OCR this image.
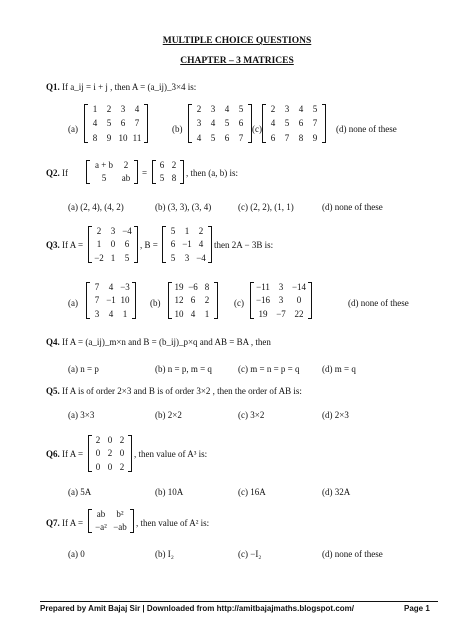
MULTIPLE CHOICE QUESTIONS
CHAPTER – 3 MATRICES
Q1. If a_ij = i + j , then A = (a_ij)_3×4 is:
(a)
1	2	3	4
4	5	6	7
8	9 10 11
(b)
2	3	4	5
3	4	5	6
4	5	6	7
(c)
2	3	4	5
4	5	6	7
6	7	8	9
(d) none of these
Q2. If
a + b	2
5	ab
=
6 2
5 8
, then (a, b) is:
(a) (2, 4), (4, 2)	(b) (3, 3), (3, 4)	(c) (2, 2), (1, 1)	(d) none of these
Q3. If A =
2	3 −4
1	0	6
−2 1	5
, B =
5	1	2
6 −1 4
5	3 −4
then 2A − 3B is:
(a)
7	4 −3
7 −1 10
3	4	1
(b)
19 −6 8
12 6	2
10 4	1
(c)
−11 3 −14
−16 3	0
19 −7 22
(d) none of these
Q4. If A = (a_ij)_m×n and B = (b_ij)_p×q and AB = BA , then
(a) n = p	(b) n = p, m = q	(c) m = n = p = q	(d) m = q
Q5. If A is of order 2×3 and B is of order 3×2 , then the order of AB is:
(a) 3×3	(b) 2×2	(c) 3×2	(d) 2×3
Q6. If A =
2 0 2
0 2 0
0 0 2
, then value of A³ is:
(a) 5A	(b) 10A	(c) 16A	(d) 32A
Q7. If A =
ab	b²
−a² −ab	, then value of A² is:
(a) 0	(b) I₂	(c) −I₂	(d) none of these
Prepared by Amit Bajaj Sir | Downloaded from http://amitbajajmaths.blogspot.com/	Page 1
